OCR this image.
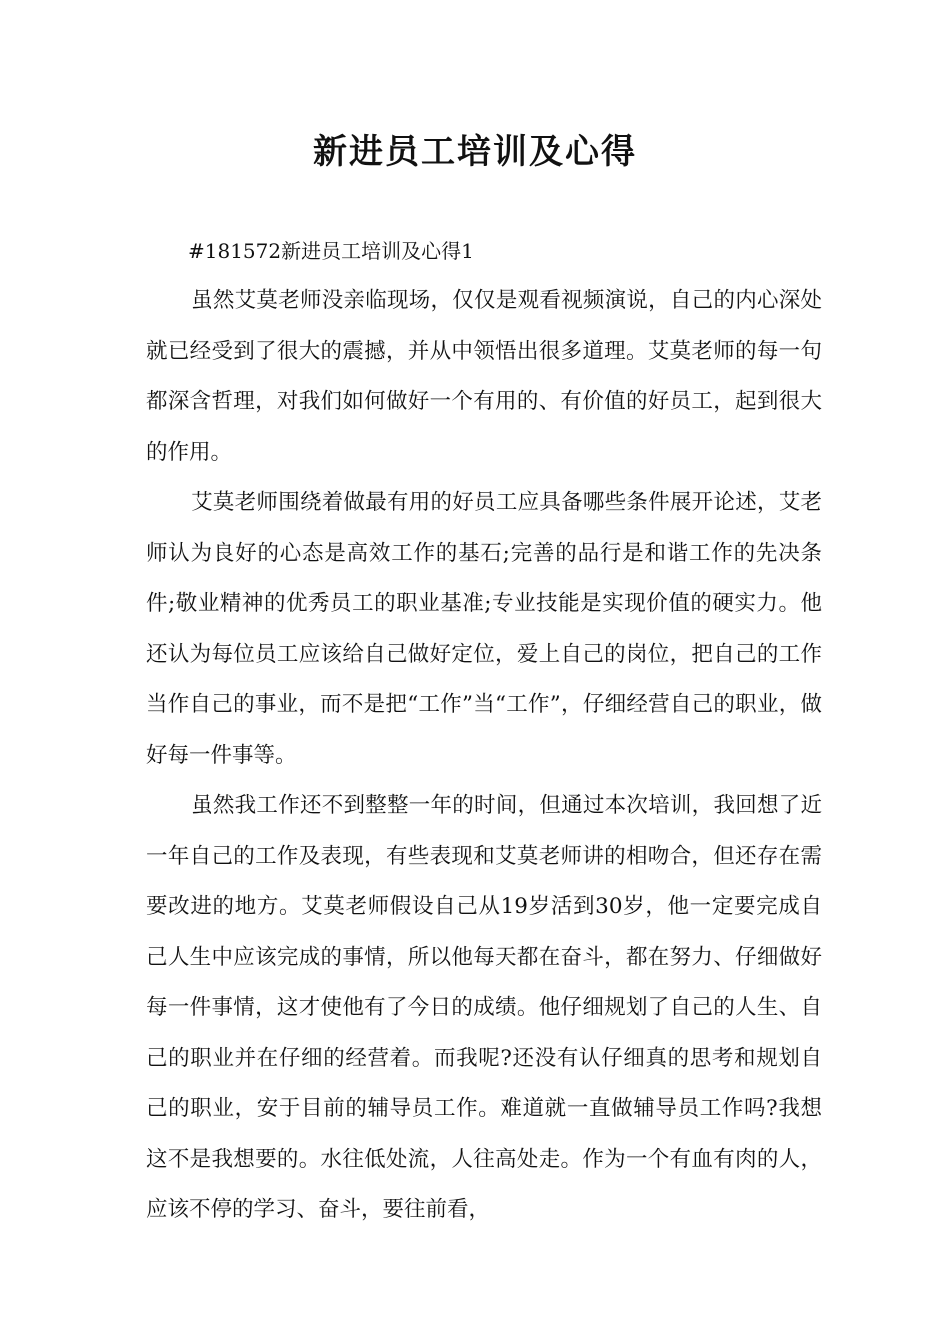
新进员工培训及心得

#181572新进员工培训及心得1

虽然艾莫老师没亲临现场，仅仅是观看视频演说，自己的内心深处就已经受到了很大的震撼，并从中领悟出很多道理。艾莫老师的每一句都深含哲理，对我们如何做好一个有用的、有价值的好员工，起到很大的作用。

艾莫老师围绕着做最有用的好员工应具备哪些条件展开论述，艾老师认为良好的心态是高效工作的基石;完善的品行是和谐工作的先决条件;敬业精神的优秀员工的职业基准;专业技能是实现价值的硬实力。他还认为每位员工应该给自己做好定位，爱上自己的岗位，把自己的工作当作自己的事业，而不是把“工作”当“工作”，仔细经营自己的职业，做好每一件事等。

虽然我工作还不到整整一年的时间，但通过本次培训，我回想了近一年自己的工作及表现，有些表现和艾莫老师讲的相吻合，但还存在需要改进的地方。艾莫老师假设自己从19岁活到30岁，他一定要完成自己人生中应该完成的事情，所以他每天都在奋斗，都在努力、仔细做好每一件事情，这才使他有了今日的成绩。他仔细规划了自己的人生、自己的职业并在仔细的经营着。而我呢?还没有认仔细真的思考和规划自己的职业，安于目前的辅导员工作。难道就一直做辅导员工作吗?我想这不是我想要的。水往低处流，人往高处走。作为一个有血有肉的人，应该不停的学习、奋斗，要往前看，
